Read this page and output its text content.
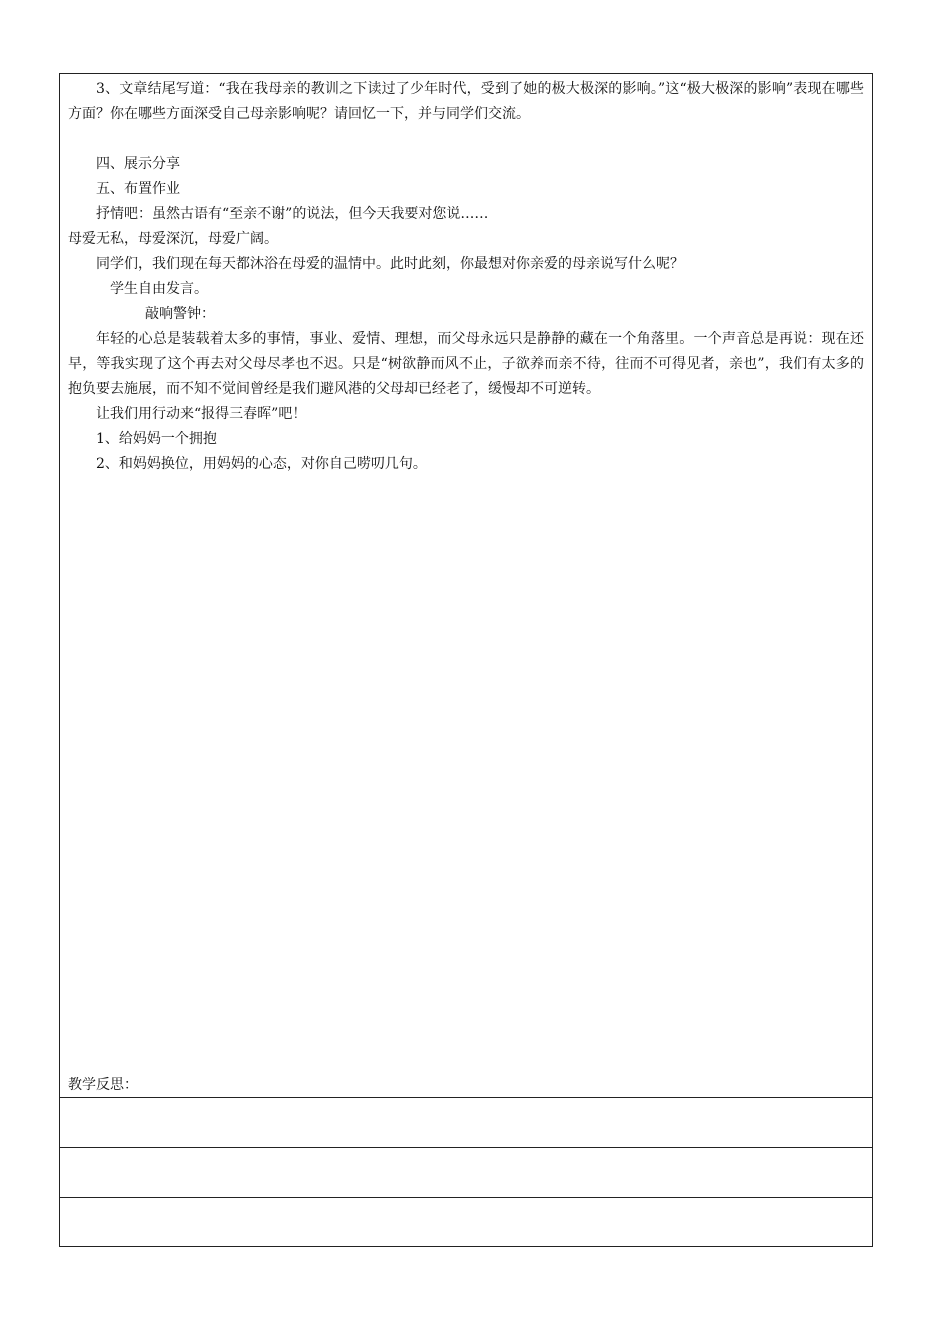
3、文章结尾写道：“我在我母亲的教训之下读过了少年时代，受到了她的极大极深的影响。”这“极大极深的影响”表现在哪些方面？你在哪些方面深受自己母亲影响呢？请回忆一下，并与同学们交流。

四、展示分享

五、布置作业

抒情吧：虽然古语有“至亲不谢”的说法，但今天我要对您说……

母爱无私，母爱深沉，母爱广阔。

同学们，我们现在每天都沐浴在母爱的温情中。此时此刻，你最想对你亲爱的母亲说写什么呢？

学生自由发言。

敲响警钟：

年轻的心总是装载着太多的事情，事业、爱情、理想，而父母永远只是静静的藏在一个角落里。一个声音总是再说：现在还早，等我实现了这个再去对父母尽孝也不迟。只是“树欲静而风不止，子欲养而亲不待，往而不可得见者，亲也”，我们有太多的抱负要去施展，而不知不觉间曾经是我们避风港的父母却已经老了，缓慢却不可逆转。

让我们用行动来“报得三春晖”吧！

1、给妈妈一个拥抱

2、和妈妈换位，用妈妈的心态，对你自己唠叨几句。

教学反思：
